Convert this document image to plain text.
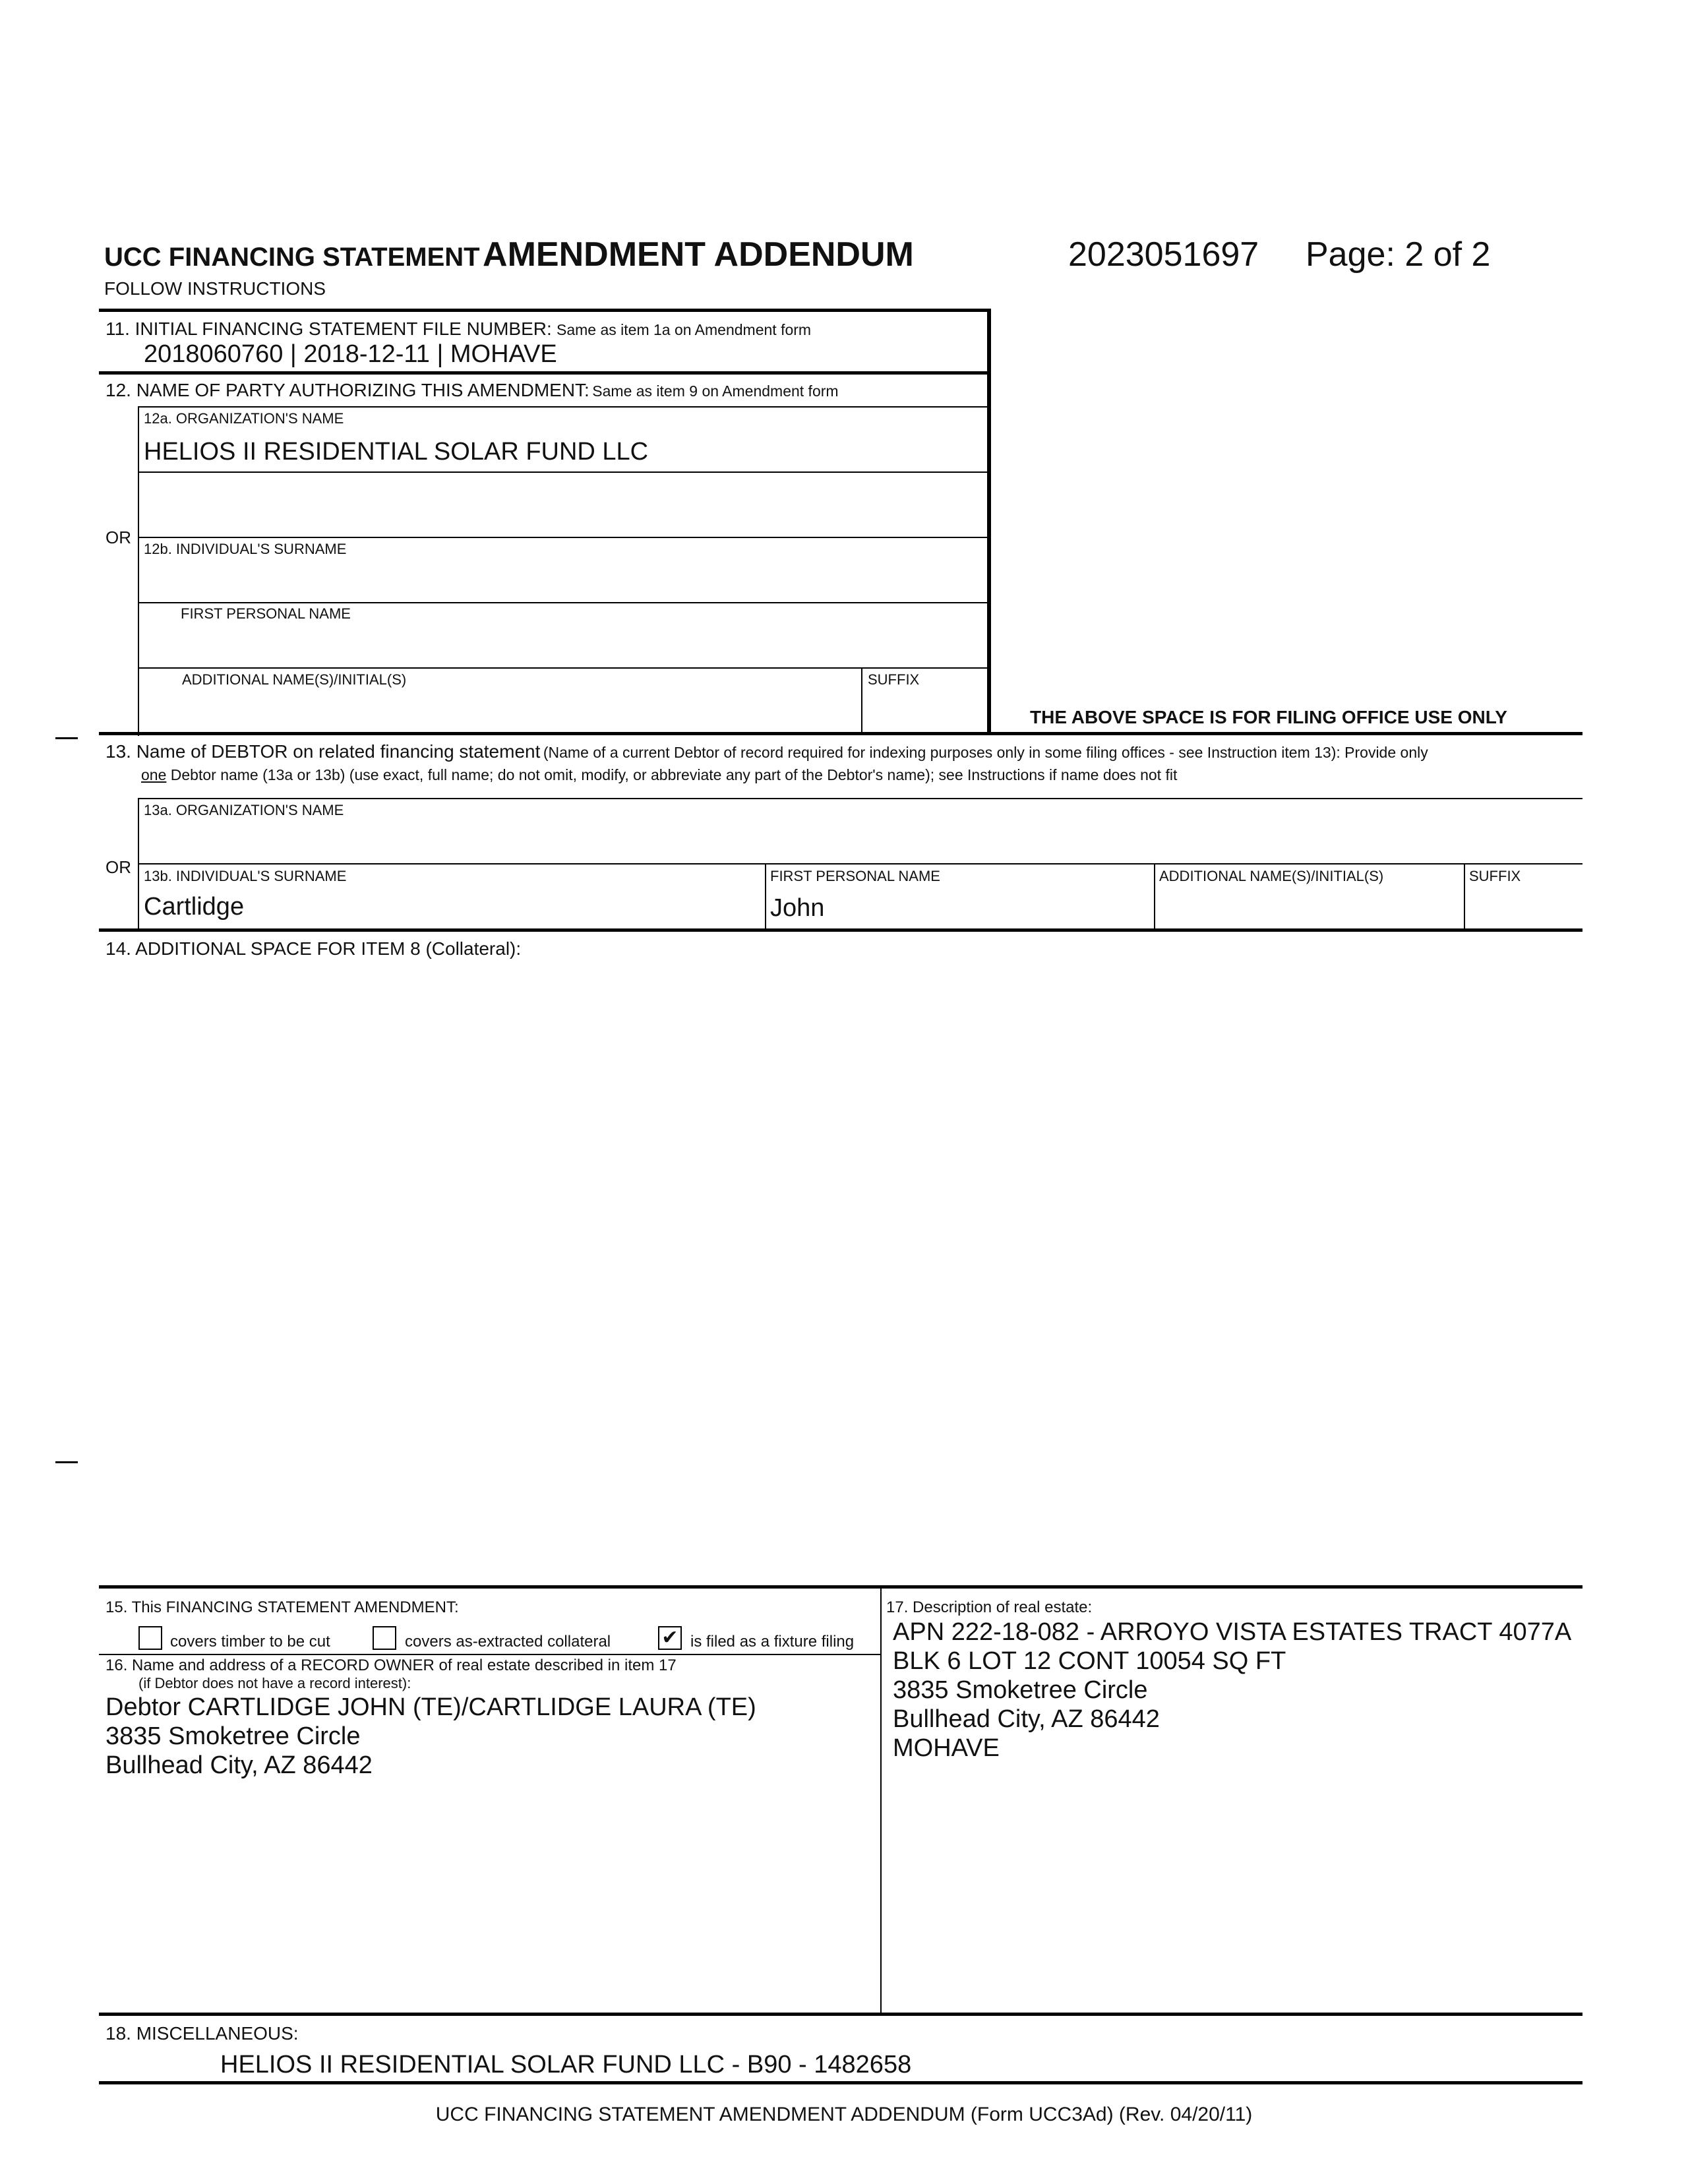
UCC FINANCING STATEMENT AMENDMENT ADDENDUM
FOLLOW INSTRUCTIONS
2023051697 Page: 2 of 2
11. INITIAL FINANCING STATEMENT FILE NUMBER: Same as item 1a on Amendment form
2018060760 | 2018-12-11 | MOHAVE
12. NAME OF PARTY AUTHORIZING THIS AMENDMENT: Same as item 9 on Amendment form
12a. ORGANIZATION'S NAME
HELIOS II RESIDENTIAL SOLAR FUND LLC
OR
12b. INDIVIDUAL'S SURNAME
FIRST PERSONAL NAME
ADDITIONAL NAME(S)/INITIAL(S)	SUFFIX
THE ABOVE SPACE IS FOR FILING OFFICE USE ONLY
13. Name of DEBTOR on related financing statement (Name of a current Debtor of record required for indexing purposes only in some filing offices - see Instruction item 13): Provide only
one Debtor name (13a or 13b) (use exact, full name; do not omit, modify, or abbreviate any part of the Debtor's name); see Instructions if name does not fit
13a. ORGANIZATION'S NAME
OR 13b. INDIVIDUAL'S SURNAME
Cartlidge
FIRST PERSONAL NAME
John
ADDITIONAL NAME(S)/INITIAL(S)	SUFFIX
14. ADDITIONAL SPACE FOR ITEM 8 (Collateral):
15. This FINANCING STATEMENT AMENDMENT:
covers timber to be cut	covers as-extracted collateral	✔ is filed as a fixture filing
16. Name and address of a RECORD OWNER of real estate described in item 17
(if Debtor does not have a record interest):
Debtor CARTLIDGE JOHN (TE)/CARTLIDGE LAURA (TE)
3835 Smoketree Circle
Bullhead City, AZ 86442
17. Description of real estate:
APN 222-18-082 - ARROYO VISTA ESTATES TRACT 4077A
BLK 6 LOT 12 CONT 10054 SQ FT
3835 Smoketree Circle
Bullhead City, AZ 86442
MOHAVE
18. MISCELLANEOUS:
HELIOS II RESIDENTIAL SOLAR FUND LLC - B90 - 1482658
UCC FINANCING STATEMENT AMENDMENT ADDENDUM (Form UCC3Ad) (Rev. 04/20/11)
